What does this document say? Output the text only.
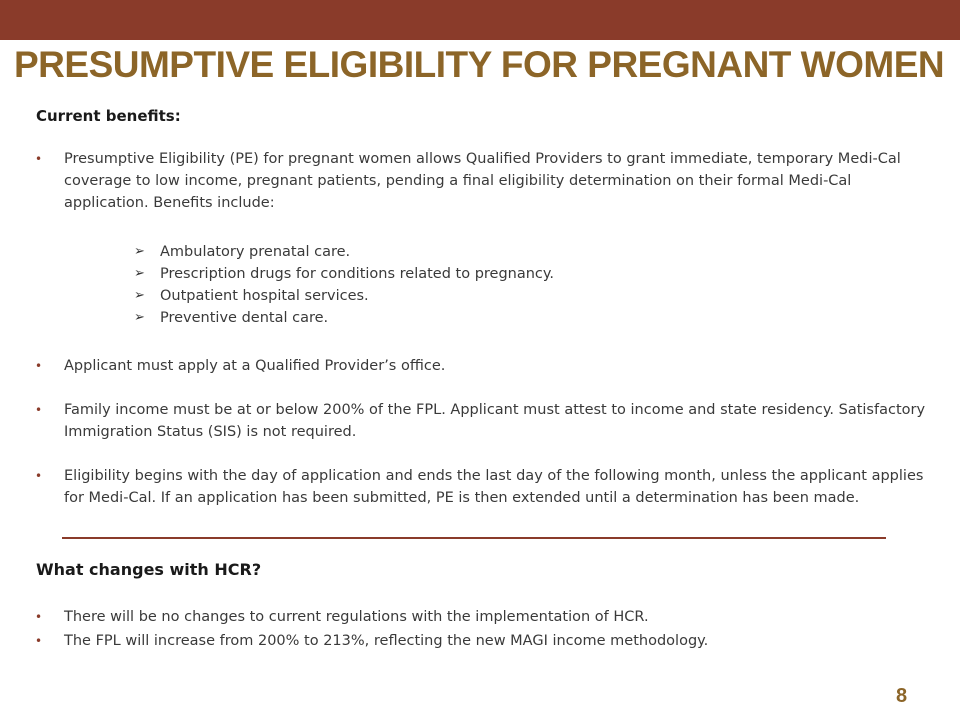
PRESUMPTIVE ELIGIBILITY FOR PREGNANT WOMEN
Current benefits:
• Presumptive Eligibility (PE) for pregnant women allows Qualified Providers to grant immediate, temporary Medi-Cal coverage to low income, pregnant patients, pending a final eligibility determination on their formal Medi-Cal application. Benefits include:
• Applicant must apply at a Qualified Provider’s office.
• Family income must be at or below 200% of the FPL. Applicant must attest to income and state residency. Satisfactory Immigration Status (SIS) is not required.
• Eligibility begins with the day of application and ends the last day of the following month, unless the applicant applies for Medi-Cal. If an application has been submitted, PE is then extended until a determination has been made.
➢ Ambulatory prenatal care.
➢ Prescription drugs for conditions related to pregnancy.
➢ Outpatient hospital services.
➢ Preventive dental care.
What changes with HCR?
• There will be no changes to current regulations with the implementation of HCR.
• The FPL will increase from 200% to 213%, reflecting the new MAGI income methodology.
8
